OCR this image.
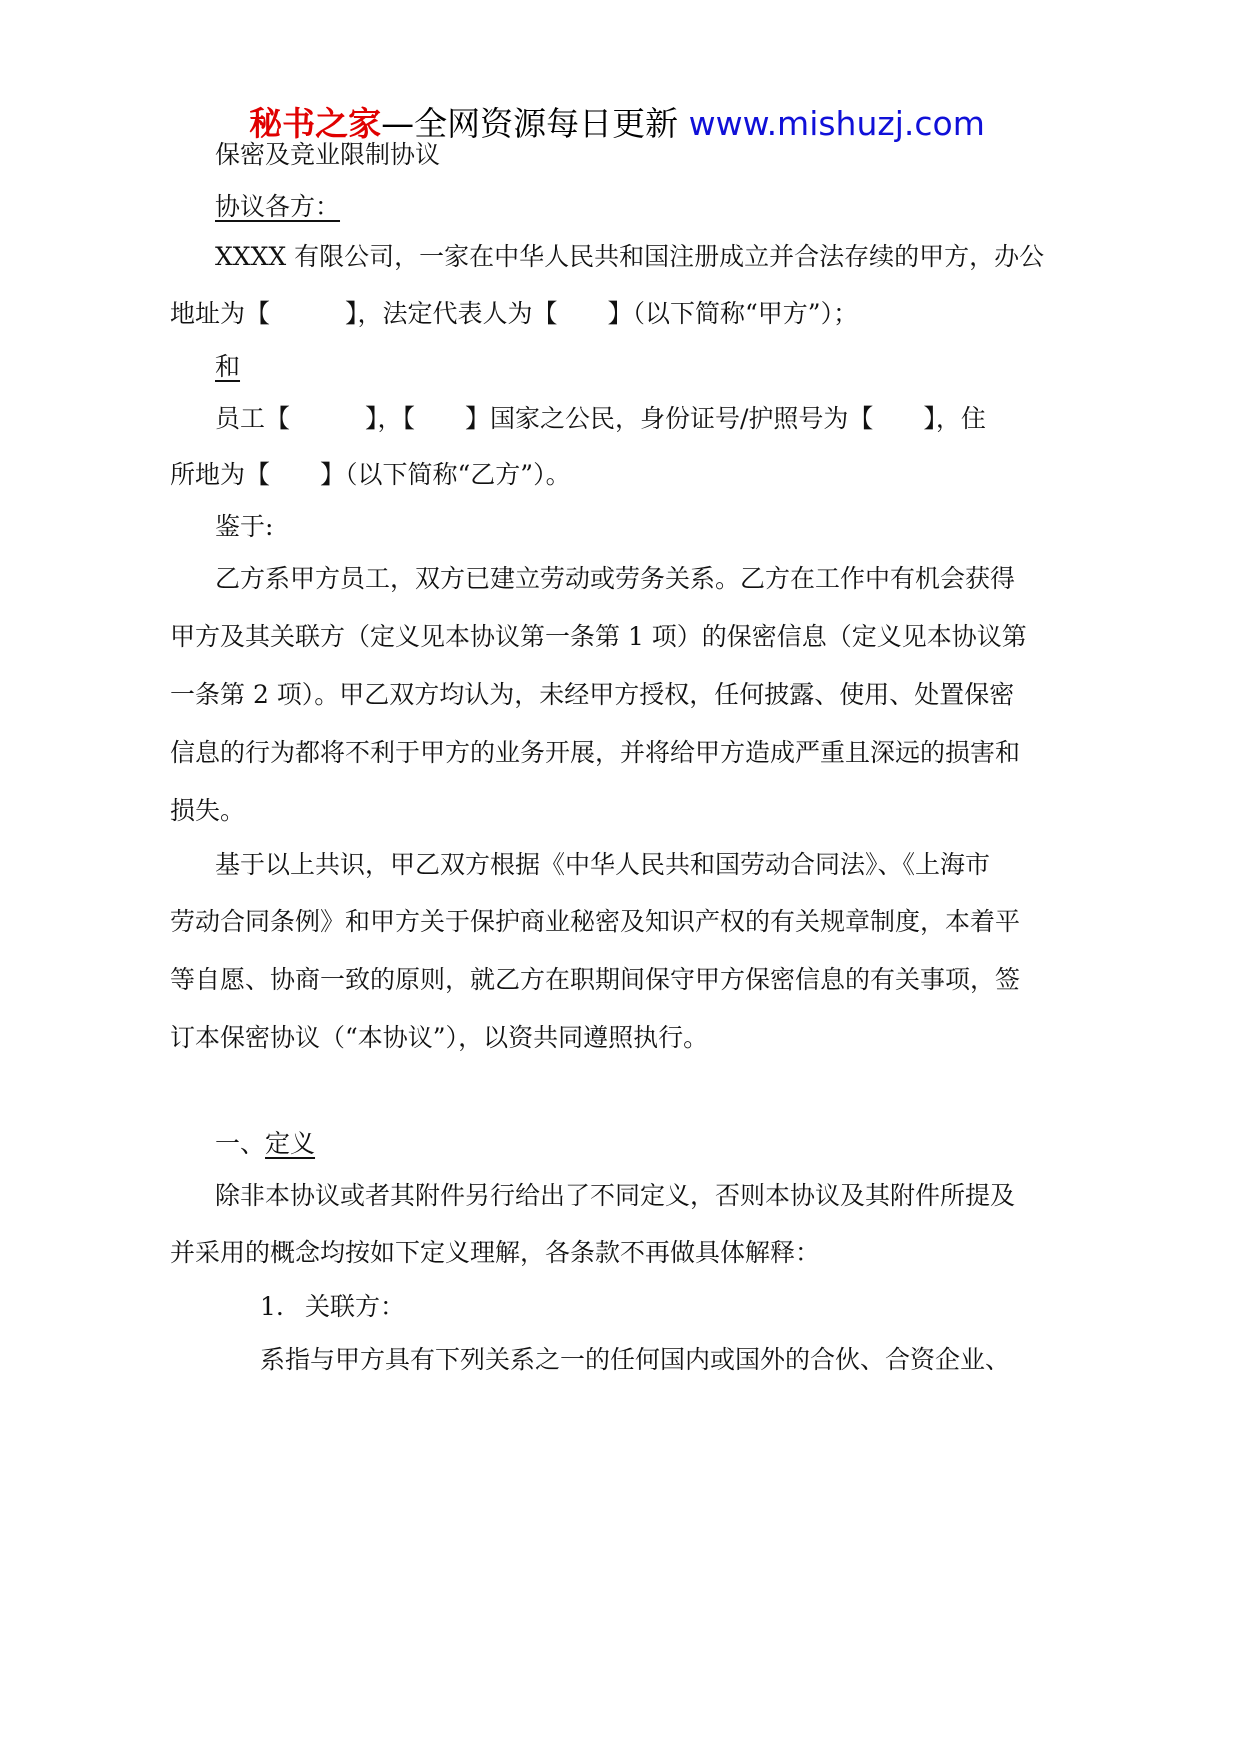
秘书之家—全网资源每日更新 www.mishuzj.com
保密及竞业限制协议
协议各方：
XXXX 有限公司，一家在中华人民共和国注册成立并合法存续的甲方，办公
地址为【　　　】，法定代表人为【　　】（以下简称“甲方”）；
和
员工【　　　】，【　　】国家之公民，身份证号/护照号为【　　】，住
所地为【　　】（以下简称“乙方”）。
鉴于:
乙方系甲方员工，双方已建立劳动或劳务关系。乙方在工作中有机会获得
甲方及其关联方（定义见本协议第一条第 1 项）的保密信息（定义见本协议第
一条第 2 项）。甲乙双方均认为，未经甲方授权，任何披露、使用、处置保密
信息的行为都将不利于甲方的业务开展，并将给甲方造成严重且深远的损害和
损失。
基于以上共识，甲乙双方根据《中华人民共和国劳动合同法》、《上海市
劳动合同条例》和甲方关于保护商业秘密及知识产权的有关规章制度，本着平
等自愿、协商一致的原则，就乙方在职期间保守甲方保密信息的有关事项，签
订本保密协议（“本协议”），以资共同遵照执行。
一、定义
除非本协议或者其附件另行给出了不同定义，否则本协议及其附件所提及
并采用的概念均按如下定义理解，各条款不再做具体解释：
1. 关联方：
系指与甲方具有下列关系之一的任何国内或国外的合伙、合资企业、
